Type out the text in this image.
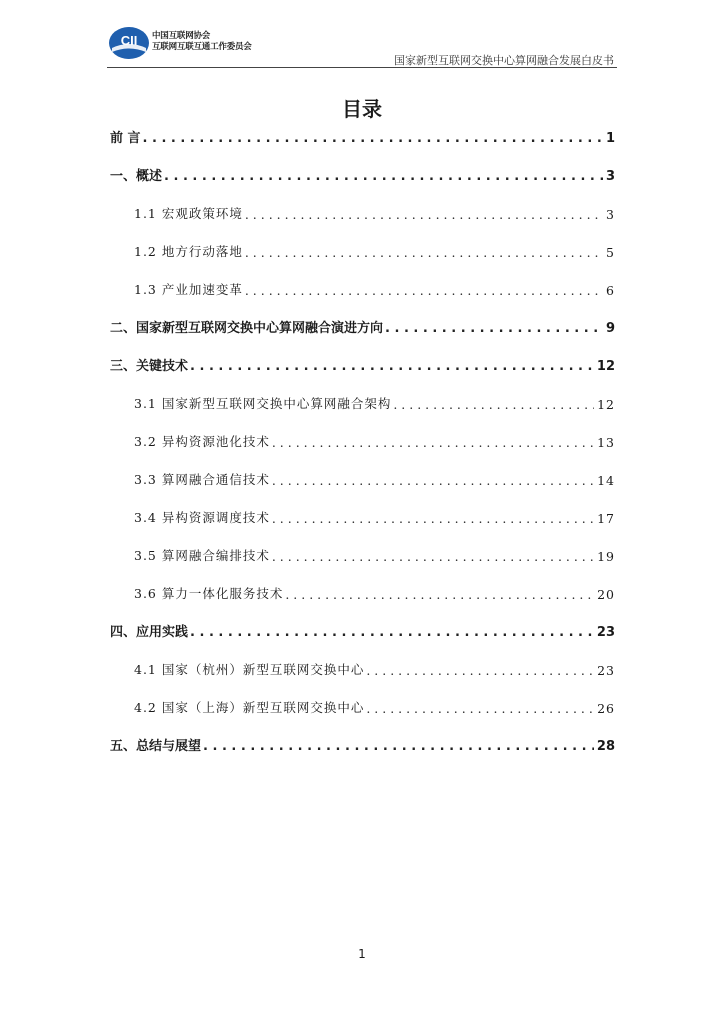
CII 中国互联网协会
互联网互联互通工作委员会
国家新型互联网交换中心算网融合发展白皮书
目录
前 言 . . .	1
一、概述 . . .	3
1.1 宏观政策环境 . . .	3
1.2 地方行动落地 . . .	5
1.3 产业加速变革 . . .	6
二、国家新型互联网交换中心算网融合演进方向 . . .	9
三、关键技术 . . .	12
3.1 国家新型互联网交换中心算网融合架构 . . .	12
3.2 异构资源池化技术 . . .	13
3.3 算网融合通信技术 . . .	14
3.4 异构资源调度技术 . . .	17
3.5 算网融合编排技术 . . .	19
3.6 算力一体化服务技术 . . .	20
四、应用实践 . . .	23
4.1 国家（杭州）新型互联网交换中心 . . .	23
4.2 国家（上海）新型互联网交换中心 . . .	26
五、总结与展望 . . .	28
1
